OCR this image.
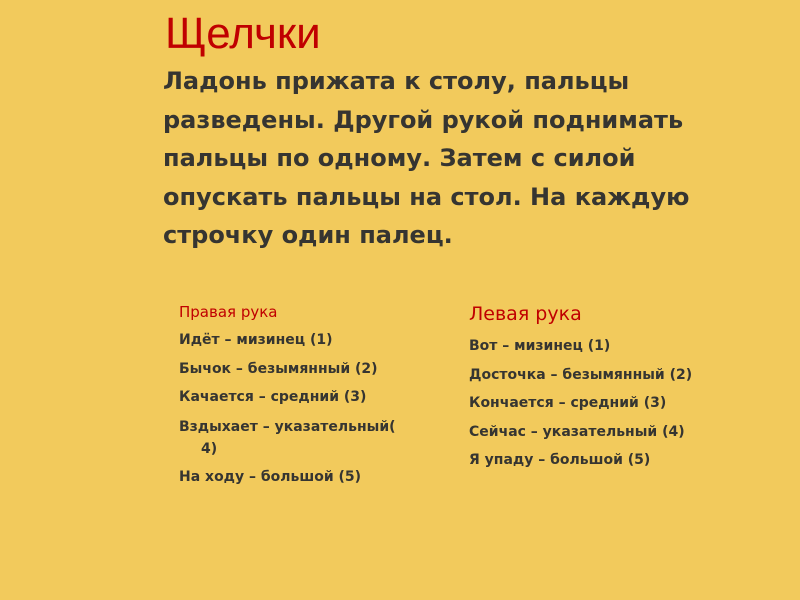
Щелчки

Ладонь прижата к столу, пальцы разведены. Другой рукой поднимать пальцы по одному. Затем с силой опускать пальцы на стол. На каждую строчку один палец.

Правая рука
Идёт – мизинец (1)
Бычок – безымянный (2)
Качается – средний (3)
Вздыхает – указательный(
4)
На ходу – большой (5)
Левая рука
Вот – мизинец (1)
Досточка – безымянный (2)
Кончается – средний (3)
Сейчас – указательный (4)
Я упаду – большой (5)
